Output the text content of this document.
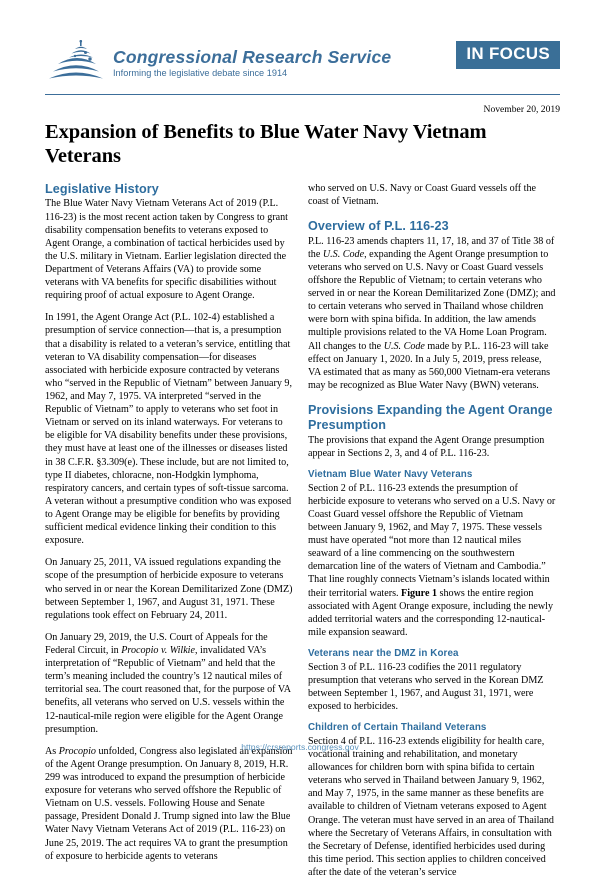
Congressional Research Service
Informing the legislative debate since 1914
IN FOCUS
November 20, 2019
Expansion of Benefits to Blue Water Navy Vietnam Veterans
Legislative History

The Blue Water Navy Vietnam Veterans Act of 2019 (P.L. 116-23) is the most recent action taken by Congress to grant disability compensation benefits to veterans exposed to Agent Orange, a combination of tactical herbicides used by the U.S. military in Vietnam. Earlier legislation directed the Department of Veterans Affairs (VA) to provide some veterans with VA benefits for specific disabilities without requiring proof of actual exposure to Agent Orange.

In 1991, the Agent Orange Act (P.L. 102-4) established a presumption of service connection—that is, a presumption that a disability is related to a veteran’s service, entitling that veteran to VA disability compensation—for diseases associated with herbicide exposure contracted by veterans who “served in the Republic of Vietnam” between January 9, 1962, and May 7, 1975. VA interpreted “served in the Republic of Vietnam” to apply to veterans who set foot in Vietnam or served on its inland waterways. For veterans to be eligible for VA disability benefits under these provisions, they must have at least one of the illnesses or diseases listed in 38 C.F.R. §3.309(e). These include, but are not limited to, type II diabetes, chloracne, non-Hodgkin lymphoma, respiratory cancers, and certain types of soft-tissue sarcoma. A veteran without a presumptive condition who was exposed to Agent Orange may be eligible for benefits by providing sufficient medical evidence linking their condition to this exposure.

On January 25, 2011, VA issued regulations expanding the scope of the presumption of herbicide exposure to veterans who served in or near the Korean Demilitarized Zone (DMZ) between September 1, 1967, and August 31, 1971. These regulations took effect on February 24, 2011.

On January 29, 2019, the U.S. Court of Appeals for the Federal Circuit, in Procopio v. Wilkie, invalidated VA’s interpretation of “Republic of Vietnam” and held that the term’s meaning included the country’s 12 nautical miles of territorial sea. The court reasoned that, for the purpose of VA benefits, all veterans who served on U.S. vessels within the 12-nautical-mile region were eligible for the Agent Orange presumption.

As Procopio unfolded, Congress also legislated an expansion of the Agent Orange presumption. On January 8, 2019, H.R. 299 was introduced to expand the presumption of herbicide exposure for veterans who served offshore the Republic of Vietnam on U.S. vessels. Following House and Senate passage, President Donald J. Trump signed into law the Blue Water Navy Vietnam Veterans Act of 2019 (P.L. 116-23) on June 25, 2019. The act requires VA to grant the presumption of exposure to herbicide agents to veterans

who served on U.S. Navy or Coast Guard vessels off the coast of Vietnam.

Overview of P.L. 116-23

P.L. 116-23 amends chapters 11, 17, 18, and 37 of Title 38 of the U.S. Code, expanding the Agent Orange presumption to veterans who served on U.S. Navy or Coast Guard vessels offshore the Republic of Vietnam; to certain veterans who served in or near the Korean Demilitarized Zone (DMZ); and to certain veterans who served in Thailand whose children were born with spina bifida. In addition, the law amends multiple provisions related to the VA Home Loan Program. All changes to the U.S. Code made by P.L. 116-23 will take effect on January 1, 2020. In a July 5, 2019, press release, VA estimated that as many as 560,000 Vietnam-era veterans may be recognized as Blue Water Navy (BWN) veterans.

Provisions Expanding the Agent Orange Presumption

The provisions that expand the Agent Orange presumption appear in Sections 2, 3, and 4 of P.L. 116-23.

Vietnam Blue Water Navy Veterans

Section 2 of P.L. 116-23 extends the presumption of herbicide exposure to veterans who served on a U.S. Navy or Coast Guard vessel offshore the Republic of Vietnam between January 9, 1962, and May 7, 1975. These vessels must have operated “not more than 12 nautical miles seaward of a line commencing on the southwestern demarcation line of the waters of Vietnam and Cambodia.” That line roughly connects Vietnam’s islands located within their territorial waters. Figure 1 shows the entire region associated with Agent Orange exposure, including the newly added territorial waters and the corresponding 12-nautical-mile expansion seaward.

Veterans near the DMZ in Korea

Section 3 of P.L. 116-23 codifies the 2011 regulatory presumption that veterans who served in the Korean DMZ between September 1, 1967, and August 31, 1971, were exposed to herbicides.

Children of Certain Thailand Veterans

Section 4 of P.L. 116-23 extends eligibility for health care, vocational training and rehabilitation, and monetary allowances for children born with spina bifida to certain veterans who served in Thailand between January 9, 1962, and May 7, 1975, in the same manner as these benefits are available to children of Vietnam veterans exposed to Agent Orange. The veteran must have served in an area of Thailand where the Secretary of Veterans Affairs, in consultation with the Secretary of Defense, identified herbicides used during this time period. This section applies to children conceived after the date of the veteran’s service

https://crsreports.congress.gov
